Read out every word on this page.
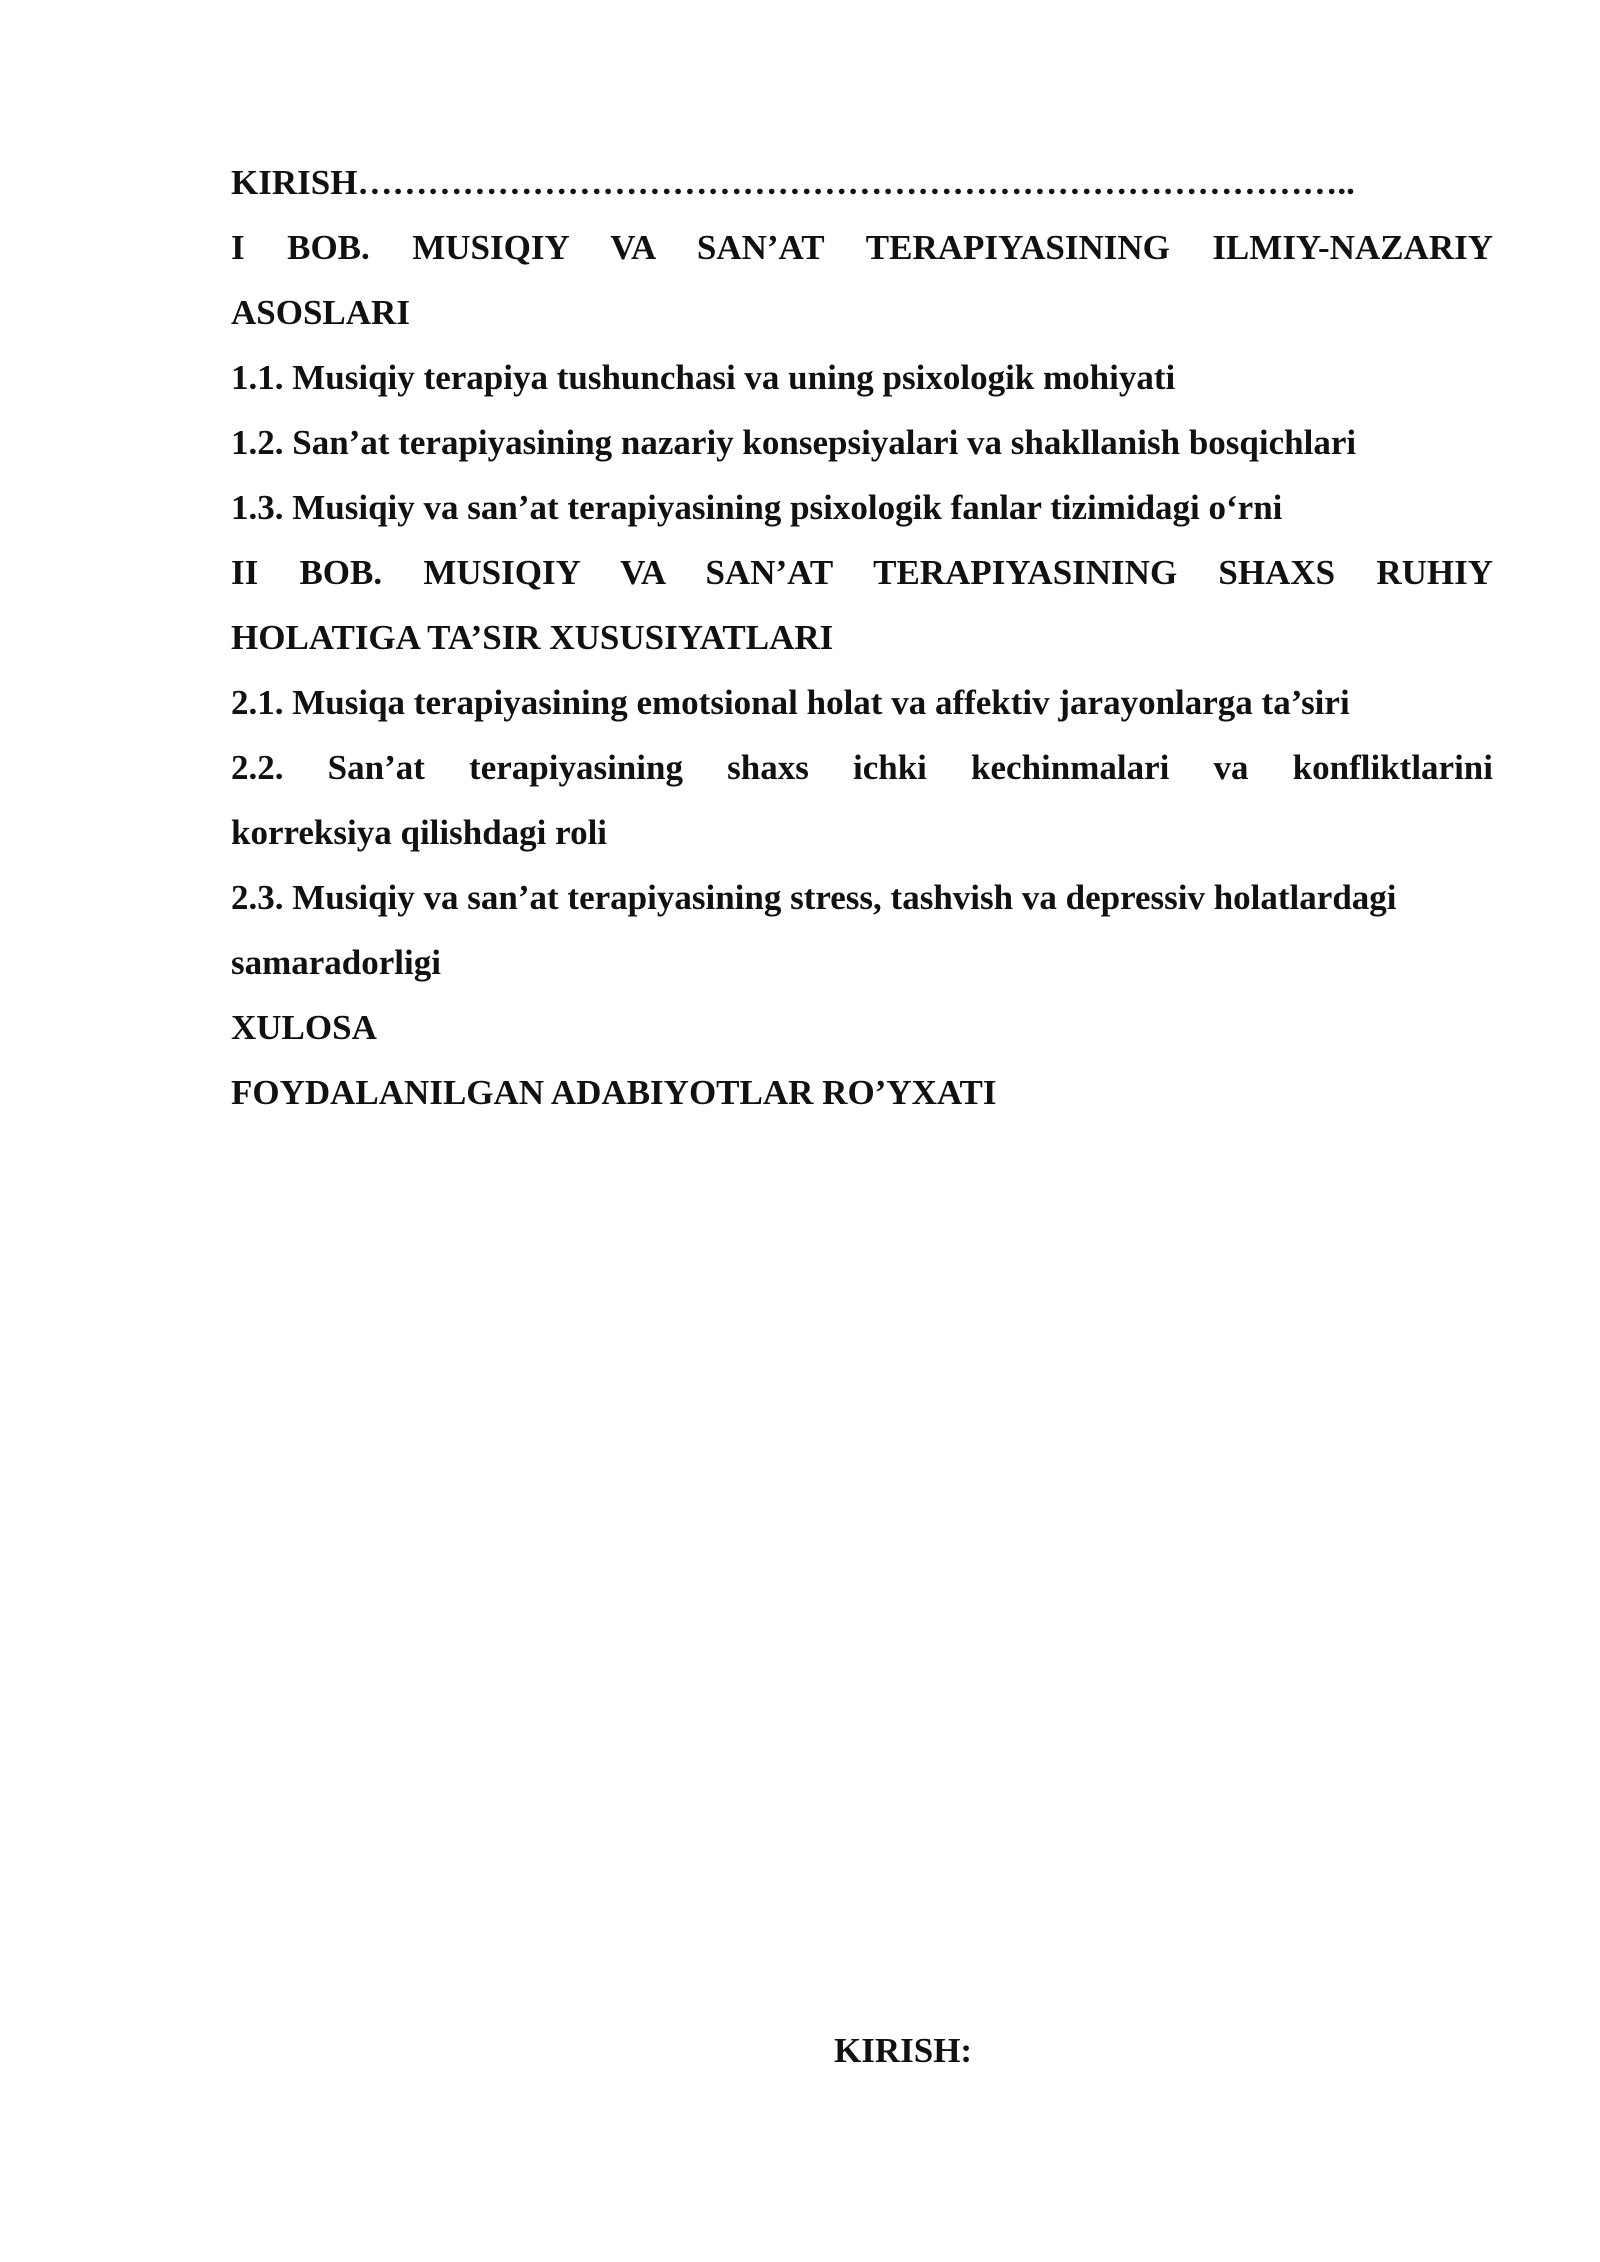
KIRISH…………………………………………………………………………..

I BOB. MUSIQIY VA SAN’AT TERAPIYASINING ILMIY-NAZARIY

ASOSLARI

1.1. Musiqiy terapiya tushunchasi va uning psixologik mohiyati

1.2. San’at terapiyasining nazariy konsepsiyalari va shakllanish bosqichlari

1.3. Musiqiy va san’at terapiyasining psixologik fanlar tizimidagi o‘rni

II BOB. MUSIQIY VA SAN’AT TERAPIYASINING SHAXS RUHIY

HOLATIGA TA’SIR XUSUSIYATLARI

2.1. Musiqa terapiyasining emotsional holat va affektiv jarayonlarga ta’siri

2.2. San’at terapiyasining shaxs ichki kechinmalari va konfliktlarini

korreksiya qilishdagi roli

2.3. Musiqiy va san’at terapiyasining stress, tashvish va depressiv holatlardagi

samaradorligi

XULOSA

FOYDALANILGAN ADABIYOTLAR RO’YXATI

KIRISH:
